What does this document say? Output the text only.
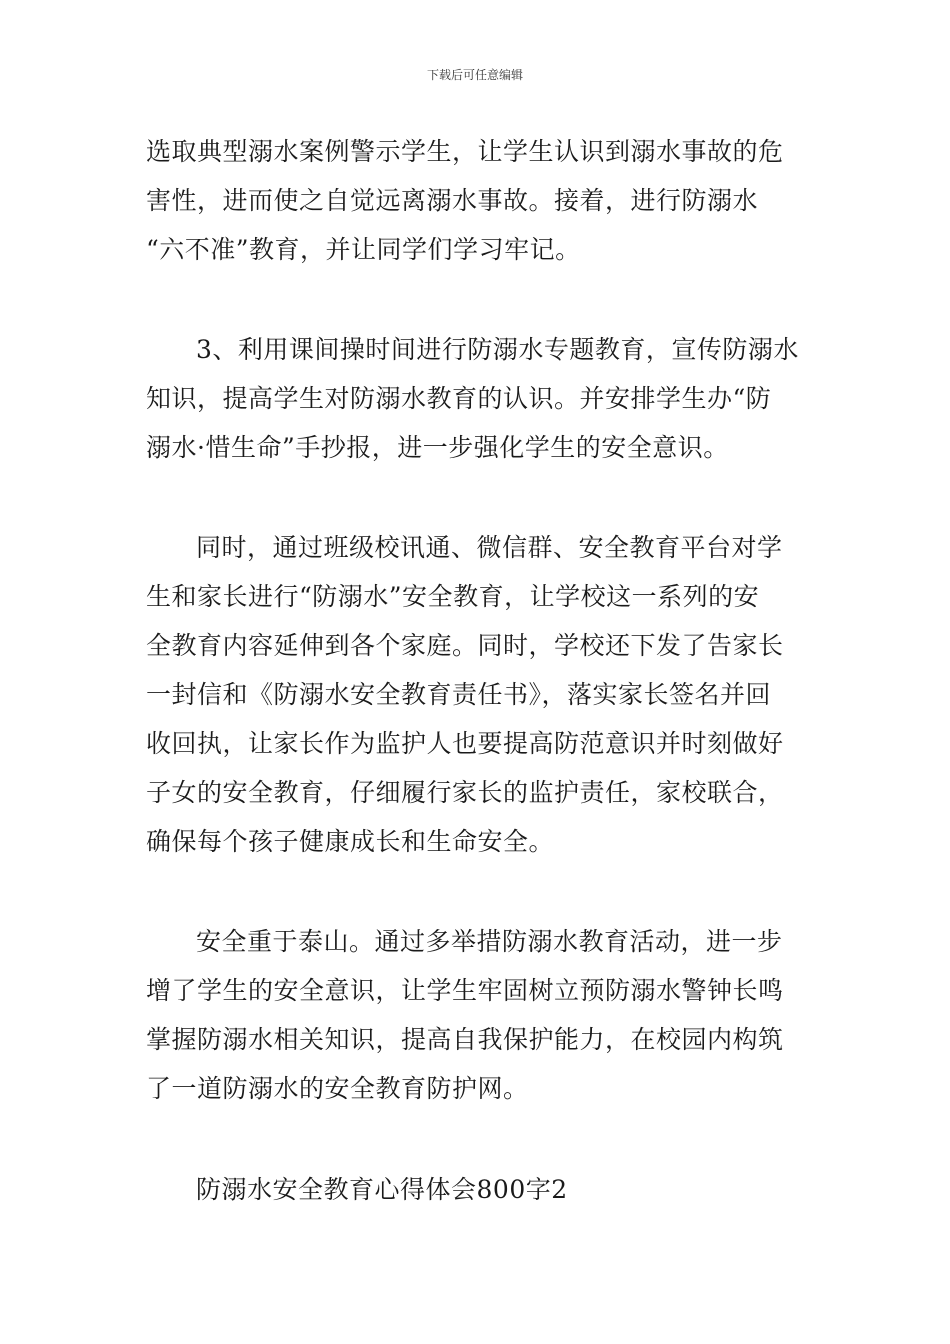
下载后可任意编辑

选取典型溺水案例警示学生，让学生认识到溺水事故的危
害性，进而使之自觉远离溺水事故。接着，进行防溺水
“六不准”教育，并让同学们学习牢记。

3、利用课间操时间进行防溺水专题教育，宣传防溺水
知识，提高学生对防溺水教育的认识。并安排学生办“防
溺水·惜生命”手抄报，进一步强化学生的安全意识。

同时，通过班级校讯通、微信群、安全教育平台对学
生和家长进行“防溺水”安全教育，让学校这一系列的安
全教育内容延伸到各个家庭。同时，学校还下发了告家长
一封信和《防溺水安全教育责任书》，落实家长签名并回
收回执，让家长作为监护人也要提高防范意识并时刻做好
子女的安全教育，仔细履行家长的监护责任，家校联合，
确保每个孩子健康成长和生命安全。

安全重于泰山。通过多举措防溺水教育活动，进一步
增了学生的安全意识，让学生牢固树立预防溺水警钟长鸣
掌握防溺水相关知识，提高自我保护能力，在校园内构筑
了一道防溺水的安全教育防护网。

防溺水安全教育心得体会800字2
